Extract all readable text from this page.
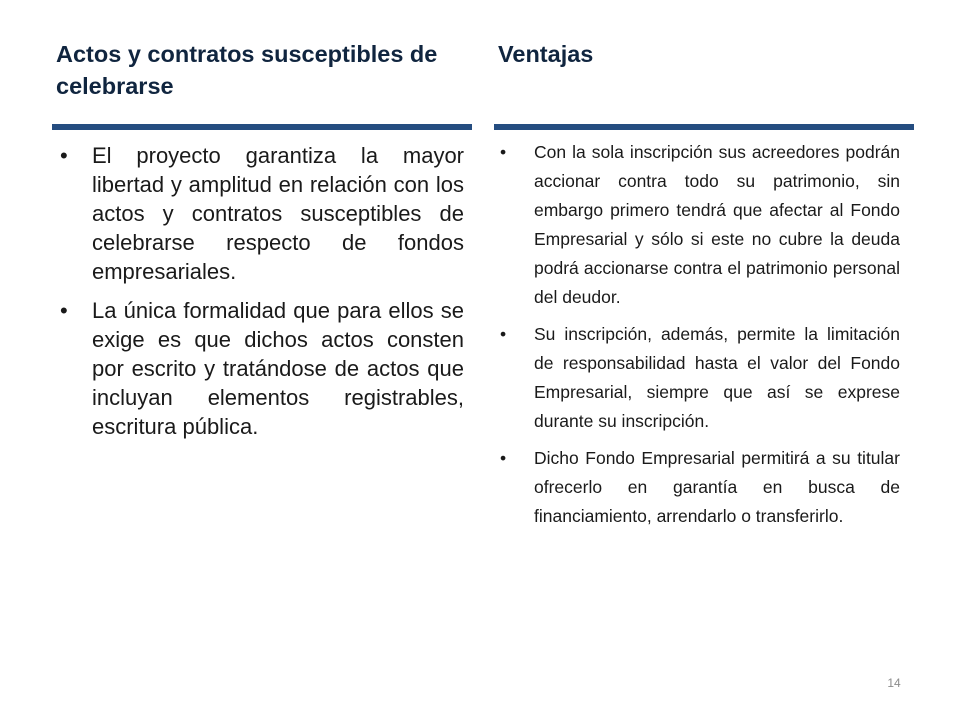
Actos y contratos susceptibles de celebrarse
Ventajas
• El proyecto garantiza la mayor libertad y amplitud en relación con los actos y contratos susceptibles de celebrarse respecto de fondos empresariales.
• La única formalidad que para ellos se exige es que dichos actos consten por escrito y tratándose de actos que incluyan elementos registrables, escritura pública.
• Con la sola inscripción sus acreedores podrán accionar contra todo su patrimonio, sin embargo primero tendrá que afectar al Fondo Empresarial y sólo si este no cubre la deuda podrá accionarse contra el patrimonio personal del deudor.
• Su inscripción, además, permite la limitación de responsabilidad hasta el valor del Fondo Empresarial, siempre que así se exprese durante su inscripción.
• Dicho Fondo Empresarial permitirá a su titular ofrecerlo en garantía en busca de financiamiento, arrendarlo o transferirlo.
14
